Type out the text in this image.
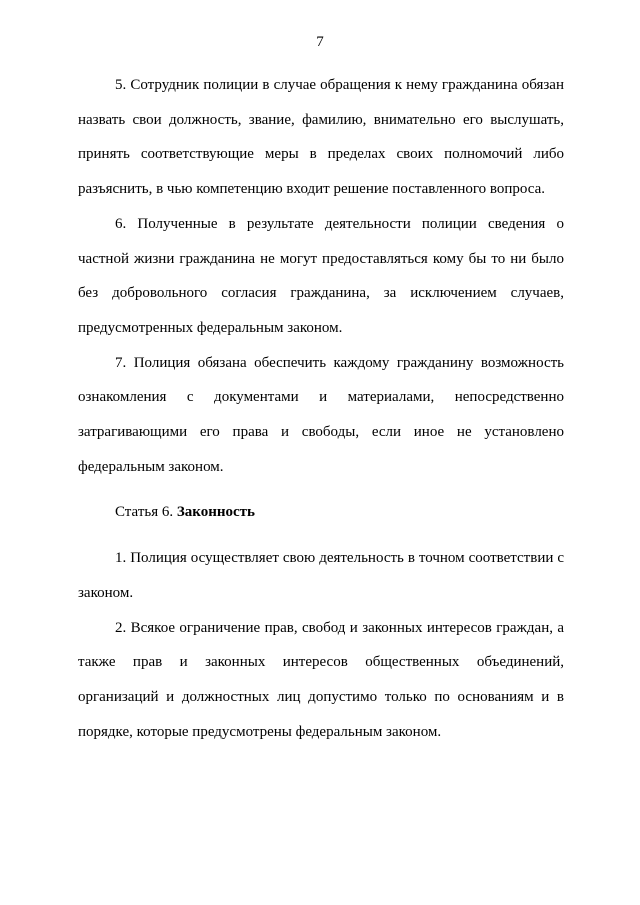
7

5. Сотрудник полиции в случае обращения к нему гражданина обязан назвать свои должность, звание, фамилию, внимательно его выслушать, принять соответствующие меры в пределах своих полномочий либо разъяснить, в чью компетенцию входит решение поставленного вопроса.

6. Полученные в результате деятельности полиции сведения о частной жизни гражданина не могут предоставляться кому бы то ни было без добровольного согласия гражданина, за исключением случаев, предусмотренных федеральным законом.

7. Полиция обязана обеспечить каждому гражданину возможность ознакомления с документами и материалами, непосредственно затрагивающими его права и свободы, если иное не установлено федеральным законом.

Статья 6. Законность

1. Полиция осуществляет свою деятельность в точном соответствии с законом.

2. Всякое ограничение прав, свобод и законных интересов граждан, а также прав и законных интересов общественных объединений, организаций и должностных лиц допустимо только по основаниям и в порядке, которые предусмотрены федеральным законом.
